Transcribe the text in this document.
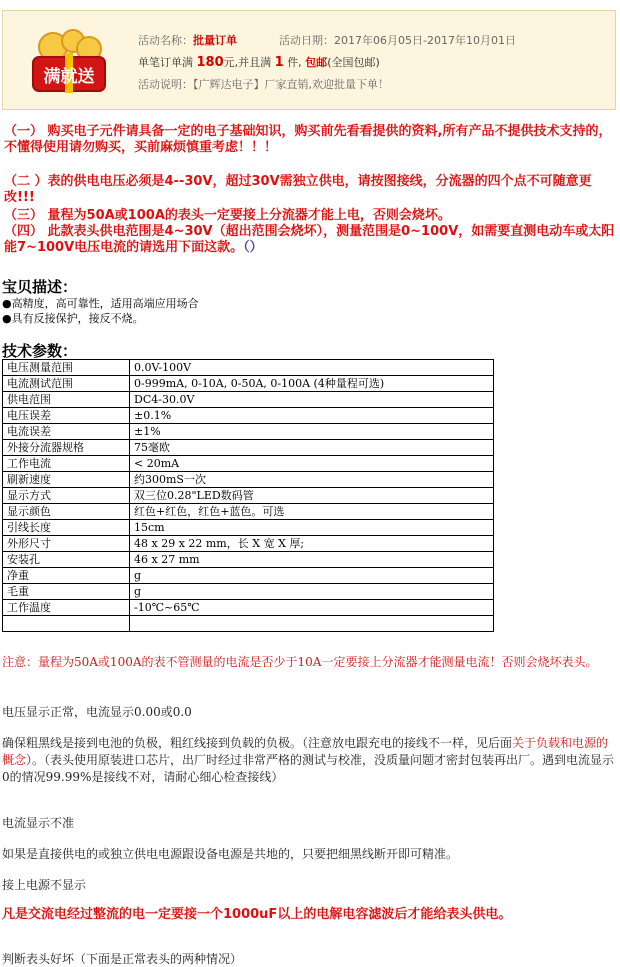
满就送
活动名称：批量订单	活动日期：2017年06月05日-2017年10月01日
单笔订单满 180元,并且满 1 件, 包邮(全国包邮)
活动说明：【广辉达电子】厂家直销,欢迎批量下单！
（一） 购买电子元件请具备一定的电子基础知识，购买前先看看提供的资料,所有产品不提供技术支持的，不懂得使用请勿购买，买前麻烦慎重考虑！！！
（二 ）表的供电电压必须是4--30V，超过30V需独立供电，请按图接线，分流器的四个点不可随意更改!!!
（三） 量程为50A或100A的表头一定要接上分流器才能上电，否则会烧坏。
（四） 此款表头供电范围是4~30V（超出范围会烧坏），测量范围是0~100V，如需要直测电动车或太阳能7~100V电压电流的请选用下面这款。（）
宝贝描述：
●高精度，高可靠性，适用高端应用场合
●具有反接保护，接反不烧。
技术参数：
电压测量范围	0.0V-100V
电流测试范围	0-999mA, 0-10A, 0-50A, 0-100A (4种量程可选)
供电范围	DC4-30.0V
电压误差	±0.1%
电流误差	±1%
外接分流器规格	75毫欧
工作电流	< 20mA
刷新速度	约300mS一次
显示方式	双三位0.28"LED数码管
显示颜色	红色+红色，红色+蓝色。可选
引线长度	15cm
外形尺寸	48 x 29 x 22 mm，长 X 宽 X 厚;
安装孔	46 x 27 mm
净重	g
毛重	g
工作温度	-10℃~65℃

注意：量程为50A或100A的表不管测量的电流是否少于10A一定要接上分流器才能测量电流！否则会烧坏表头。
电压显示正常，电流显示0.00或0.0
确保粗黑线是接到电池的负极，粗红线接到负载的负极。（注意放电跟充电的接线不一样，见后面关于负载和电源的概念）。（表头使用原装进口芯片，出厂时经过非常严格的测试与校准，没质量问题才密封包装再出厂。遇到电流显示0的情况99.99%是接线不对，请耐心细心检查接线）
电流显示不准
如果是直接供电的或独立供电电源跟设备电源是共地的，只要把细黑线断开即可精准。
接上电源不显示
凡是交流电经过整流的电一定要接一个1000uF以上的电解电容滤波后才能给表头供电。
判断表头好坏（下面是正常表头的两种情况）
